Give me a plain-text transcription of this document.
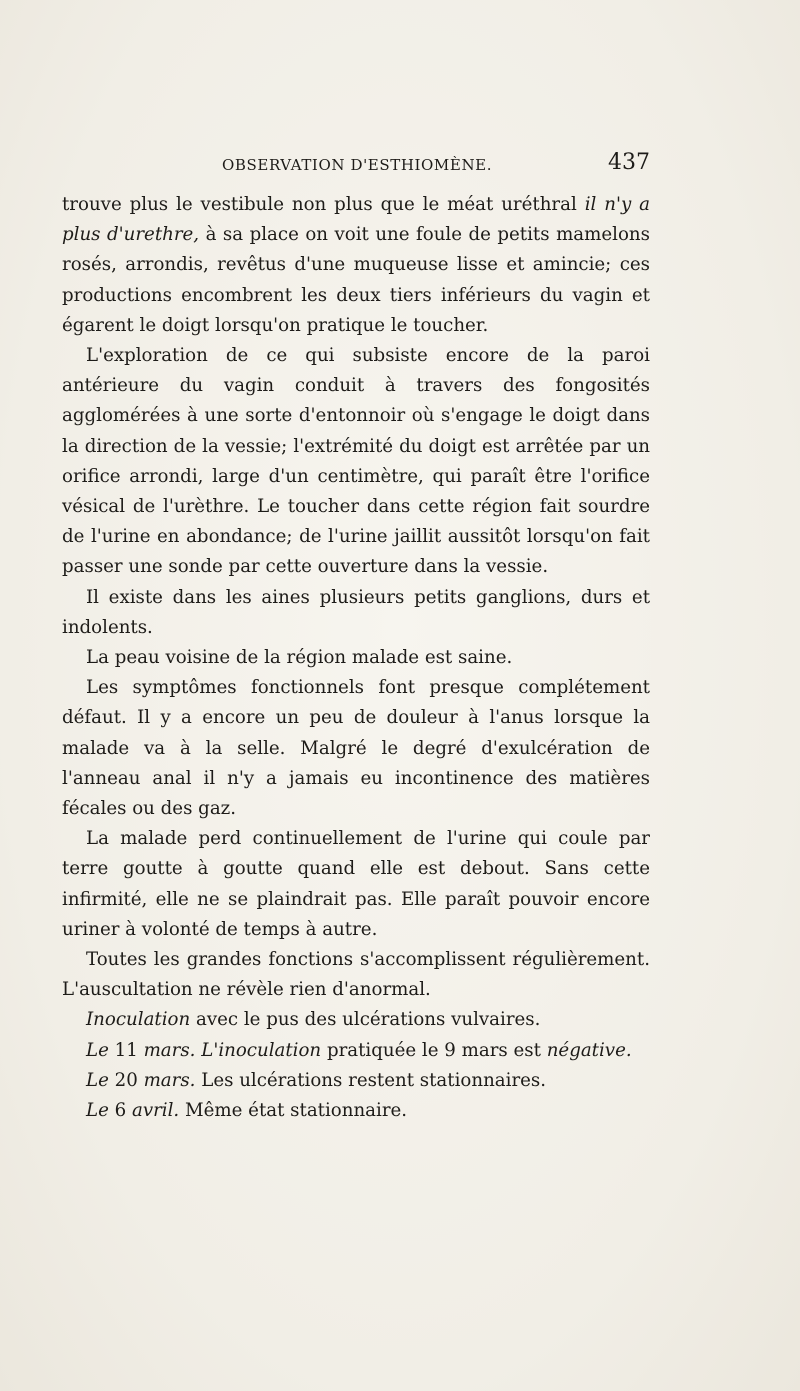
OBSERVATION D'ESTHIOMÈNE.	437

trouve plus le vestibule non plus que le méat uréthral il n'y a plus d'urethre, à sa place on voit une foule de petits mamelons rosés, arrondis, revêtus d'une muqueuse lisse et amincie; ces productions encombrent les deux tiers inférieurs du vagin et égarent le doigt lorsqu'on pratique le toucher.

L'exploration de ce qui subsiste encore de la paroi antérieure du vagin conduit à travers des fongosités agglomérées à une sorte d'entonnoir où s'engage le doigt dans la direction de la vessie; l'extrémité du doigt est arrêtée par un orifice arrondi, large d'un centimètre, qui paraît être l'orifice vésical de l'urèthre. Le toucher dans cette région fait sourdre de l'urine en abondance; de l'urine jaillit aussitôt lorsqu'on fait passer une sonde par cette ouverture dans la vessie.

Il existe dans les aines plusieurs petits ganglions, durs et indolents.

La peau voisine de la région malade est saine.

Les symptômes fonctionnels font presque complétement défaut. Il y a encore un peu de douleur à l'anus lorsque la malade va à la selle. Malgré le degré d'exulcération de l'anneau anal il n'y a jamais eu incontinence des matières fécales ou des gaz.

La malade perd continuellement de l'urine qui coule par terre goutte à goutte quand elle est debout. Sans cette infirmité, elle ne se plaindrait pas. Elle paraît pouvoir encore uriner à volonté de temps à autre.

Toutes les grandes fonctions s'accomplissent régulièrement. L'auscultation ne révèle rien d'anormal.

Inoculation avec le pus des ulcérations vulvaires.

Le 11 mars. L'inoculation pratiquée le 9 mars est négative.

Le 20 mars. Les ulcérations restent stationnaires.

Le 6 avril. Même état stationnaire.
